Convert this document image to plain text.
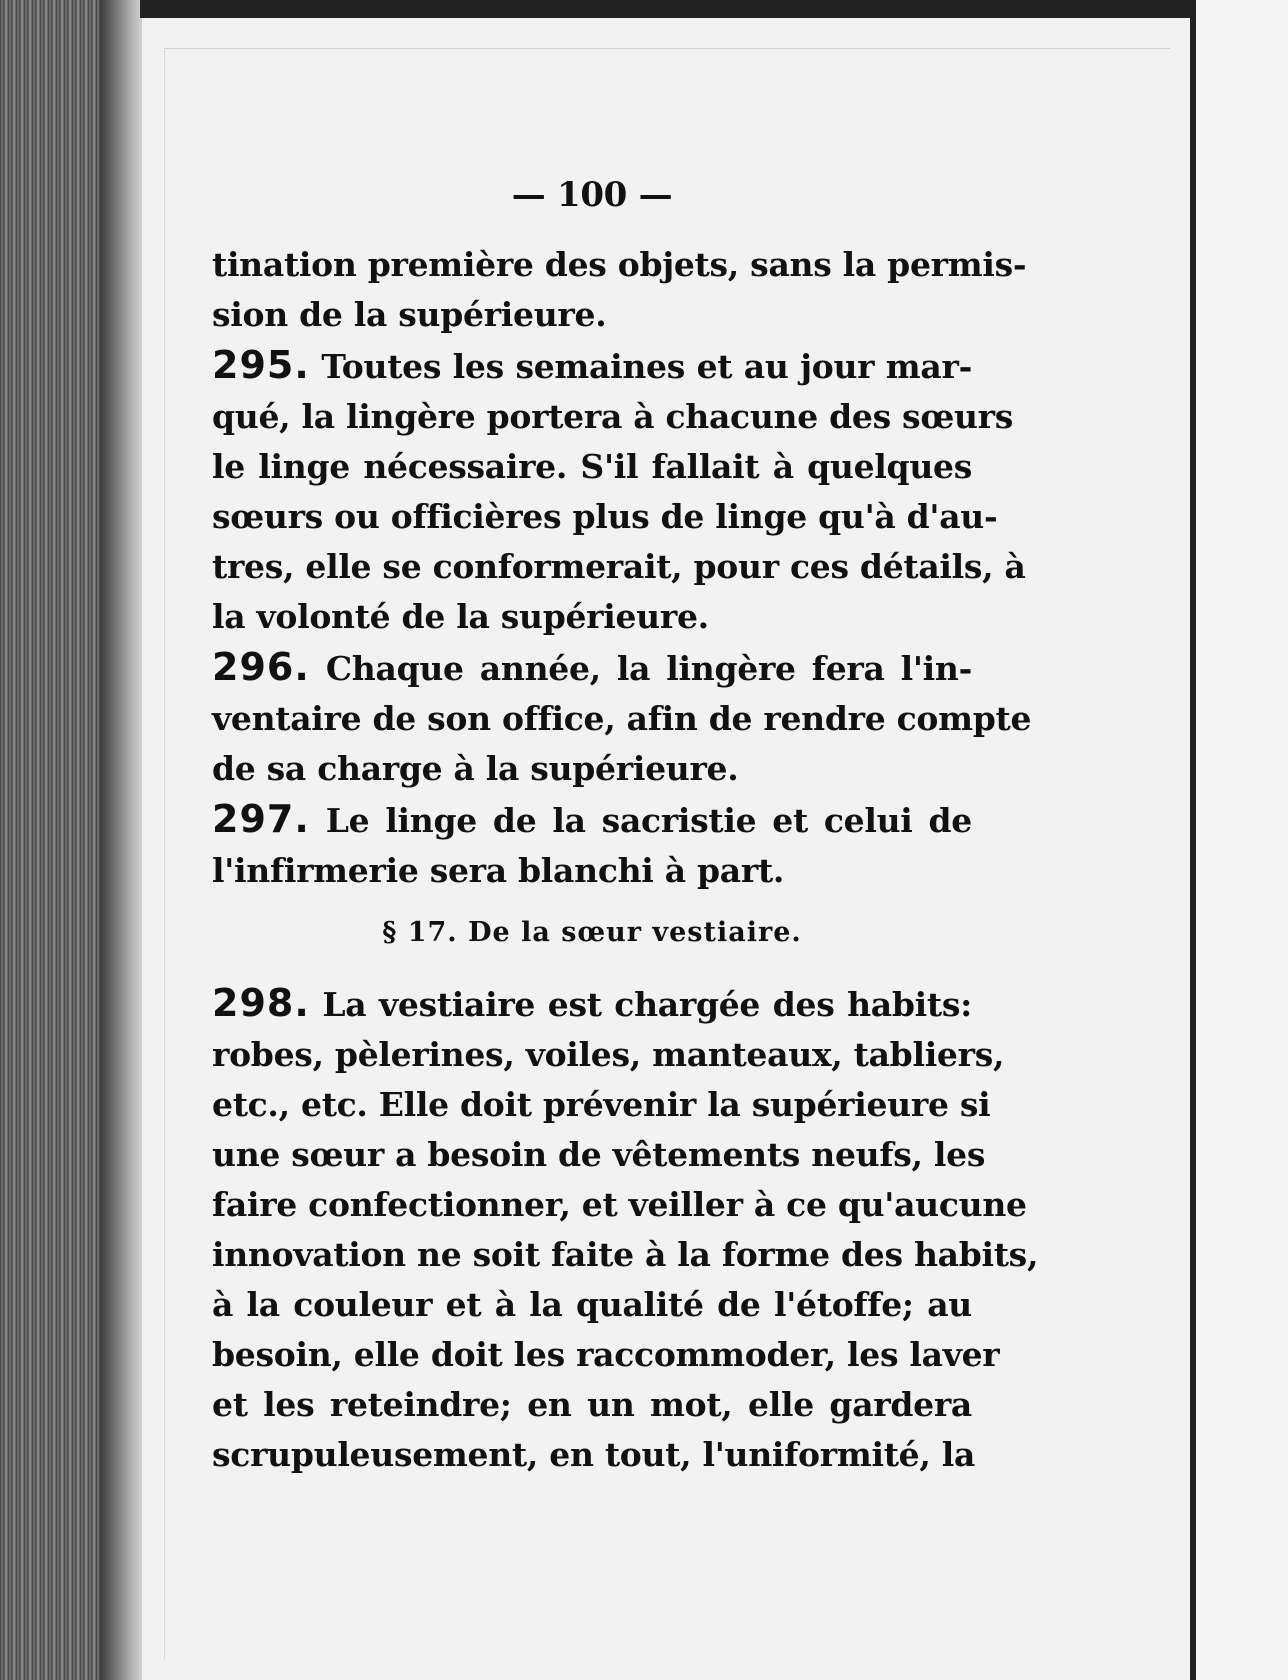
— 100 —
tination première des objets, sans la permis-
sion de la supérieure.
295. Toutes les semaines et au jour mar-
qué, la lingère portera à chacune des sœurs
le linge nécessaire. S'il fallait à quelques
sœurs ou officières plus de linge qu'à d'au-
tres, elle se conformerait, pour ces détails, à
la volonté de la supérieure.
296. Chaque année, la lingère fera l'in-
ventaire de son office, afin de rendre compte
de sa charge à la supérieure.
297. Le linge de la sacristie et celui de
l'infirmerie sera blanchi à part.
§ 17. De la sœur vestiaire.
298. La vestiaire est chargée des habits:
robes, pèlerines, voiles, manteaux, tabliers,
etc., etc. Elle doit prévenir la supérieure si
une sœur a besoin de vêtements neufs, les
faire confectionner, et veiller à ce qu'aucune
innovation ne soit faite à la forme des habits,
à la couleur et à la qualité de l'étoffe; au
besoin, elle doit les raccommoder, les laver
et les reteindre; en un mot, elle gardera
scrupuleusement, en tout, l'uniformité, la
